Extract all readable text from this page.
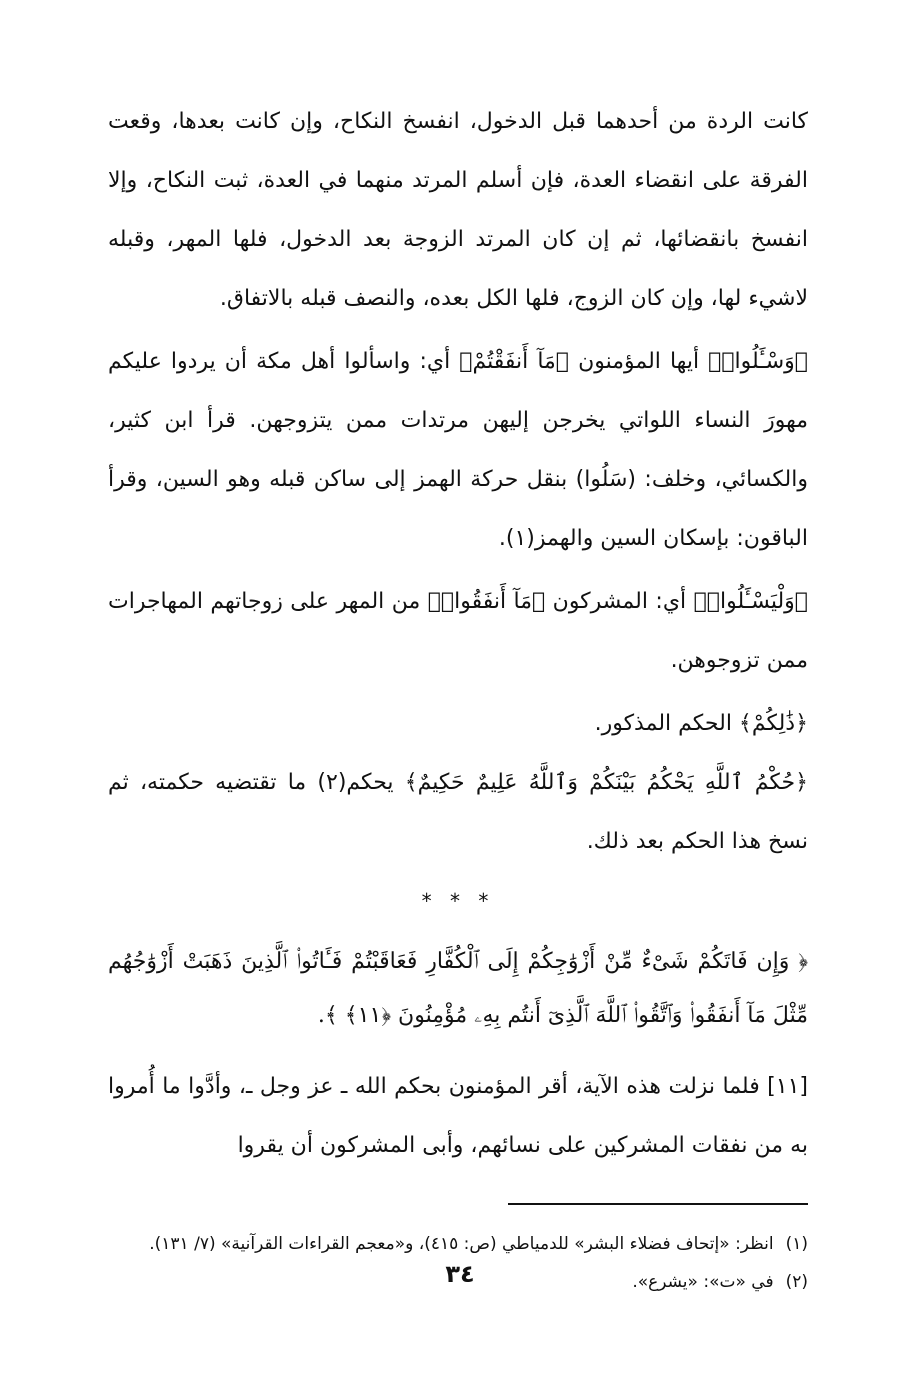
كانت الردة من أحدهما قبل الدخول، انفسخ النكاح، وإن كانت بعدها، وقعت الفرقة على انقضاء العدة، فإن أسلم المرتد منهما في العدة، ثبت النكاح، وإلا انفسخ بانقضائها، ثم إن كان المرتد الزوجة بعد الدخول، فلها المهر، وقبله لاشيء لها، وإن كان الزوج، فلها الكل بعده، والنصف قبله بالاتفاق.

﴿وَسْـَٔلُوا۟﴾ أيها المؤمنون ﴿مَآ أَنفَقْتُمْ﴾ أي: واسألوا أهل مكة أن يردوا عليكم مهورَ النساء اللواتي يخرجن إليهن مرتدات ممن يتزوجهن. قرأ ابن كثير، والكسائي، وخلف: (سَلُوا) بنقل حركة الهمز إلى ساكن قبله وهو السين، وقرأ الباقون: بإسكان السين والهمز(١).

﴿وَلْيَسْـَٔلُوا۟﴾ أي: المشركون ﴿مَآ أَنفَقُوا۟﴾ من المهر على زوجاتهم المهاجرات ممن تزوجوهن.

﴿ذَٰلِكُمْ﴾ الحكم المذكور.

﴿حُكْمُ ٱللَّهِ يَحْكُمُ بَيْنَكُمْ وَٱللَّهُ عَلِيمٌ حَكِيمٌ﴾ يحكم(٢) ما تقتضيه حكمته، ثم نسخ هذا الحكم بعد ذلك.

* * *

﴿ وَإِن فَاتَكُمْ شَىْءٌ مِّنْ أَزْوَٰجِكُمْ إِلَى ٱلْكُفَّارِ فَعَاقَبْتُمْ فَـَٔاتُوا۟ ٱلَّذِينَ ذَهَبَتْ أَزْوَٰجُهُم مِّثْلَ مَآ أَنفَقُوا۟ وَٱتَّقُوا۟ ٱللَّهَ ٱلَّذِىٓ أَنتُم بِهِۦ مُؤْمِنُونَ ﴿١١﴾ ﴾.

[١١] فلما نزلت هذه الآية، أقر المؤمنون بحكم الله ـ عز وجل ـ، وأدَّوا ما أُمروا به من نفقات المشركين على نسائهم، وأبى المشركون أن يقروا

(١)انظر: «إتحاف فضلاء البشر» للدمياطي (ص: ٤١٥)، و«معجم القراءات القرآنية» (٧/ ١٣١).

(٢)في «ت»: «يشرع».

٣٤
